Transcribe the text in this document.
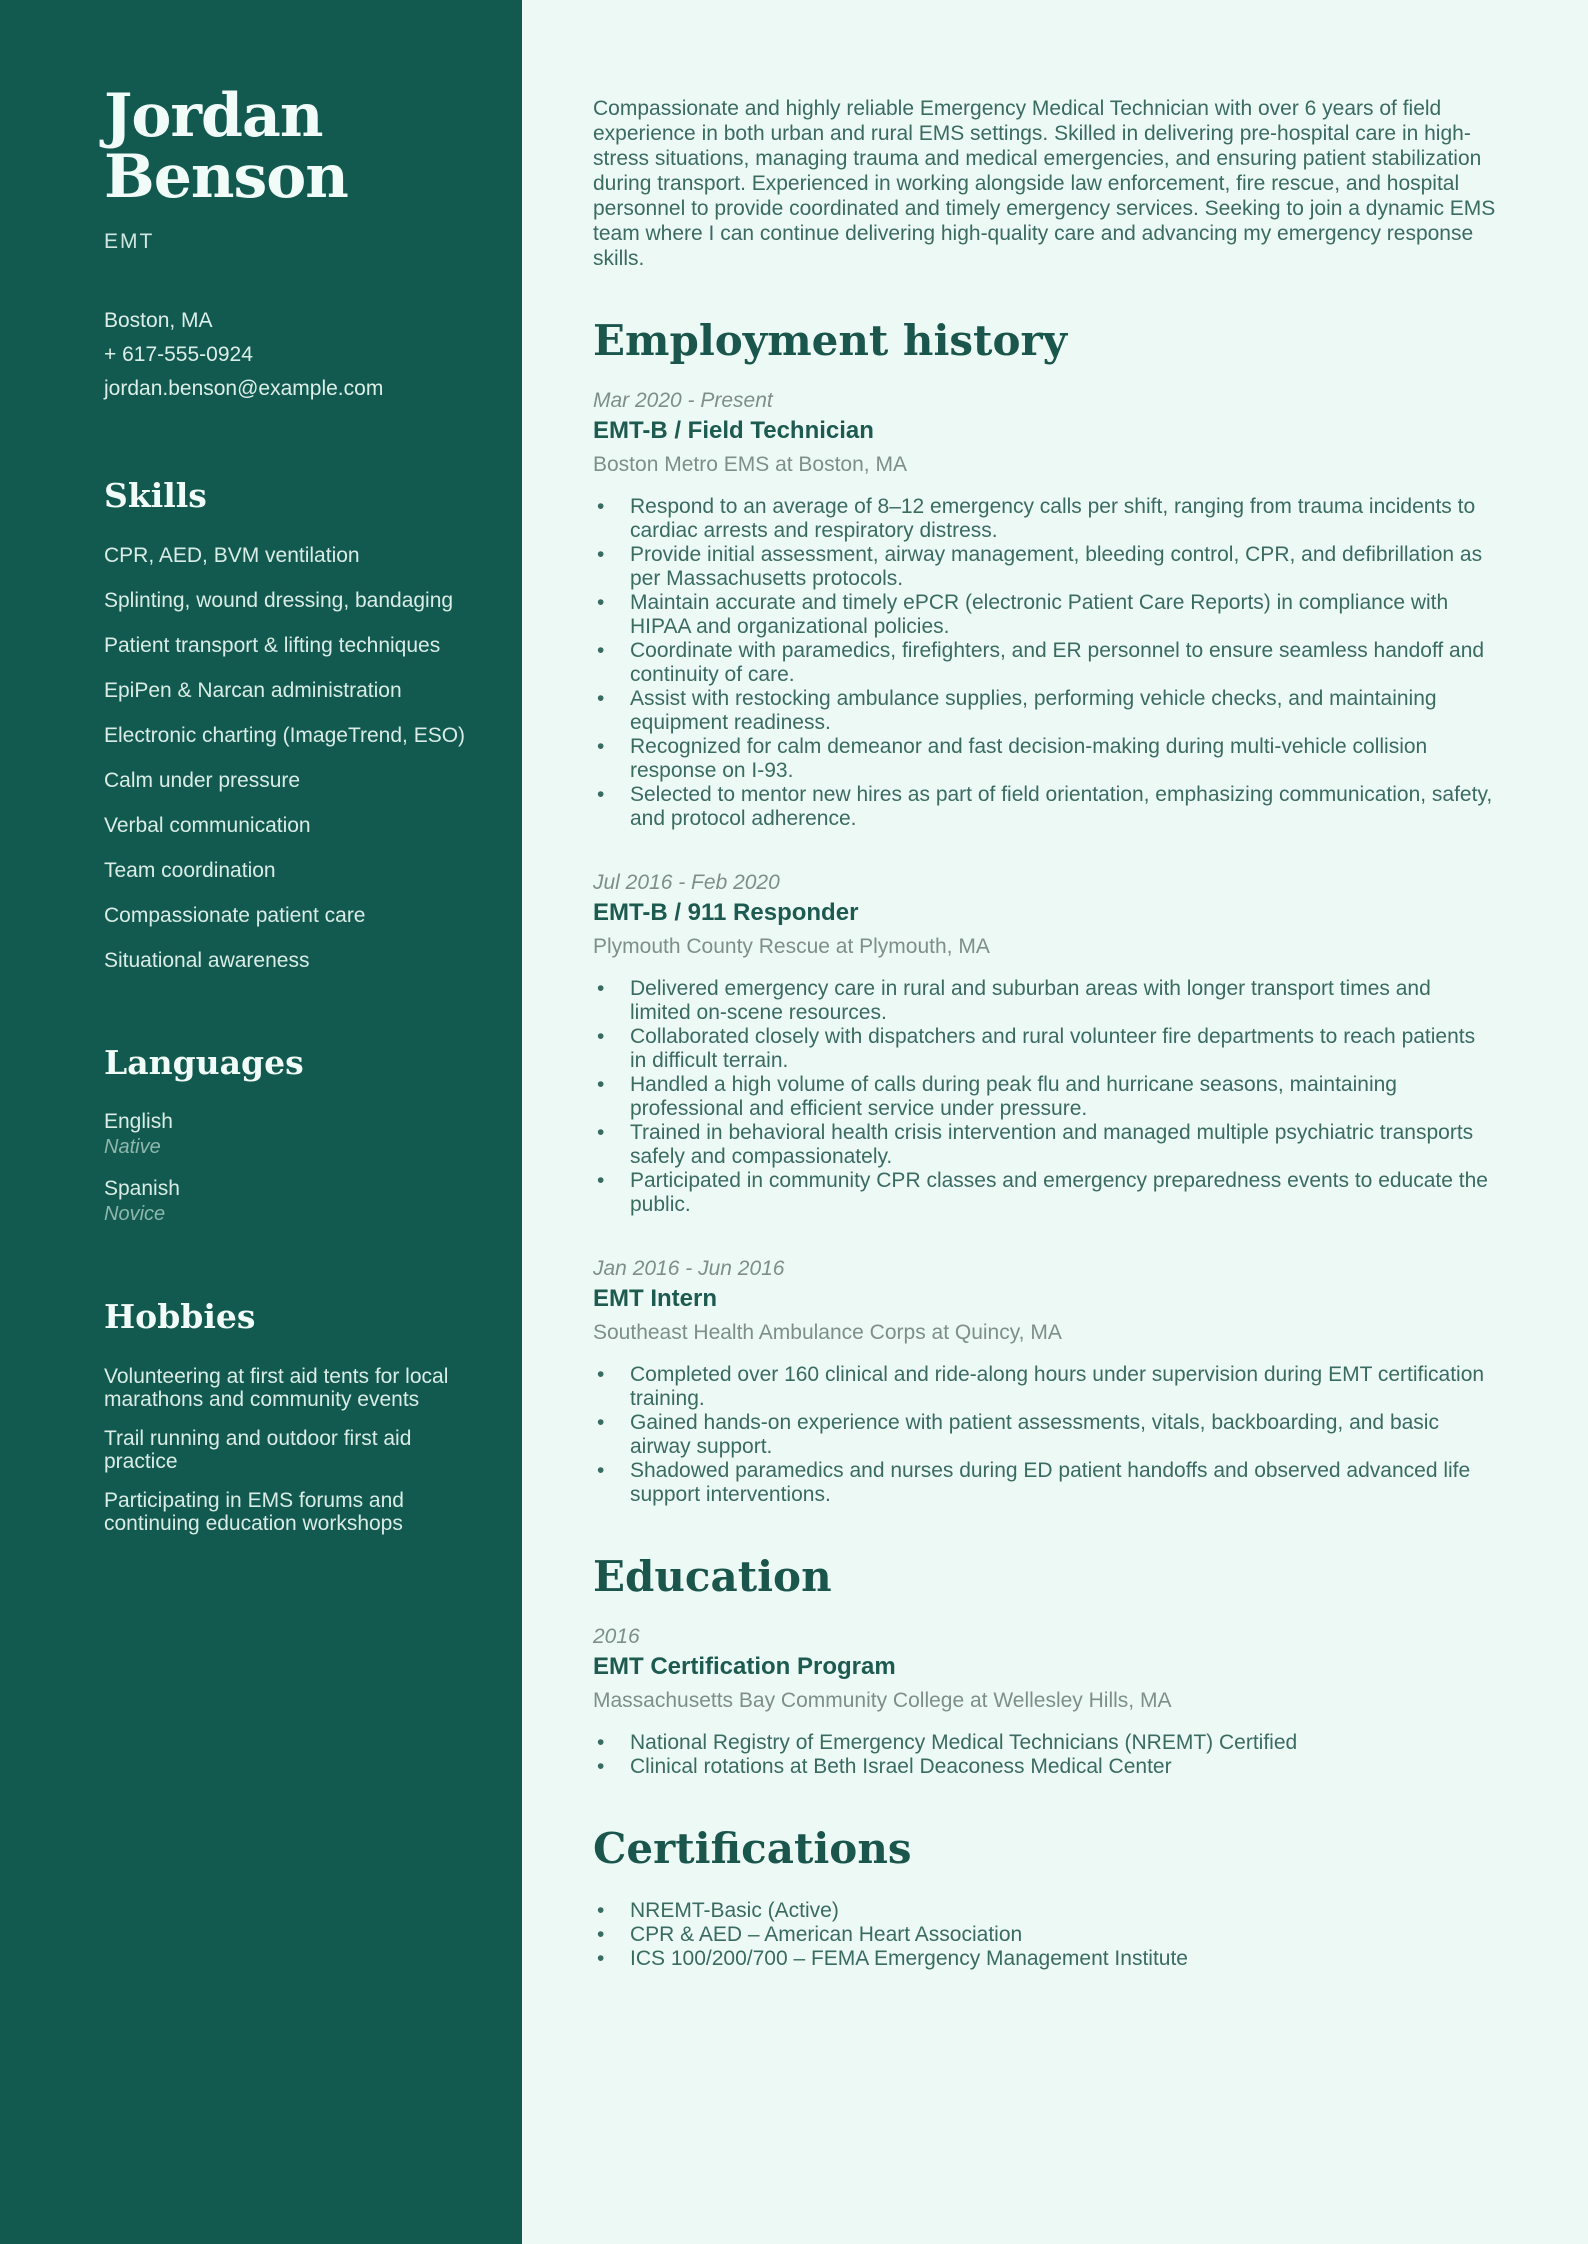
Jordan
Benson
EMT
Boston, MA
+ 617-555-0924
jordan.benson@example.com
Skills
CPR, AED, BVM ventilation
Splinting, wound dressing, bandaging
Patient transport & lifting techniques
EpiPen & Narcan administration
Electronic charting (ImageTrend, ESO)
Calm under pressure
Verbal communication
Team coordination
Compassionate patient care
Situational awareness
Languages
English
Native
Spanish
Novice
Hobbies
Volunteering at first aid tents for local marathons and community events
Trail running and outdoor first aid practice
Participating in EMS forums and continuing education workshops

Compassionate and highly reliable Emergency Medical Technician with over 6 years of field experience in both urban and rural EMS settings. Skilled in delivering pre-hospital care in high-stress situations, managing trauma and medical emergencies, and ensuring patient stabilization during transport. Experienced in working alongside law enforcement, fire rescue, and hospital personnel to provide coordinated and timely emergency services. Seeking to join a dynamic EMS team where I can continue delivering high-quality care and advancing my emergency response skills.

Employment history
Mar 2020 - Present
EMT-B / Field Technician
Boston Metro EMS at Boston, MA
• Respond to an average of 8–12 emergency calls per shift, ranging from trauma incidents to cardiac arrests and respiratory distress.
• Provide initial assessment, airway management, bleeding control, CPR, and defibrillation as per Massachusetts protocols.
• Maintain accurate and timely ePCR (electronic Patient Care Reports) in compliance with HIPAA and organizational policies.
• Coordinate with paramedics, firefighters, and ER personnel to ensure seamless handoff and continuity of care.
• Assist with restocking ambulance supplies, performing vehicle checks, and maintaining equipment readiness.
• Recognized for calm demeanor and fast decision-making during multi-vehicle collision response on I-93.
• Selected to mentor new hires as part of field orientation, emphasizing communication, safety, and protocol adherence.
Jul 2016 - Feb 2020
EMT-B / 911 Responder
Plymouth County Rescue at Plymouth, MA
• Delivered emergency care in rural and suburban areas with longer transport times and limited on-scene resources.
• Collaborated closely with dispatchers and rural volunteer fire departments to reach patients in difficult terrain.
• Handled a high volume of calls during peak flu and hurricane seasons, maintaining professional and efficient service under pressure.
• Trained in behavioral health crisis intervention and managed multiple psychiatric transports safely and compassionately.
• Participated in community CPR classes and emergency preparedness events to educate the public.
Jan 2016 - Jun 2016
EMT Intern
Southeast Health Ambulance Corps at Quincy, MA
• Completed over 160 clinical and ride-along hours under supervision during EMT certification training.
• Gained hands-on experience with patient assessments, vitals, backboarding, and basic airway support.
• Shadowed paramedics and nurses during ED patient handoffs and observed advanced life support interventions.
Education
2016
EMT Certification Program
Massachusetts Bay Community College at Wellesley Hills, MA
• National Registry of Emergency Medical Technicians (NREMT) Certified
• Clinical rotations at Beth Israel Deaconess Medical Center
Certifications
• NREMT-Basic (Active)
• CPR & AED – American Heart Association
• ICS 100/200/700 – FEMA Emergency Management Institute
